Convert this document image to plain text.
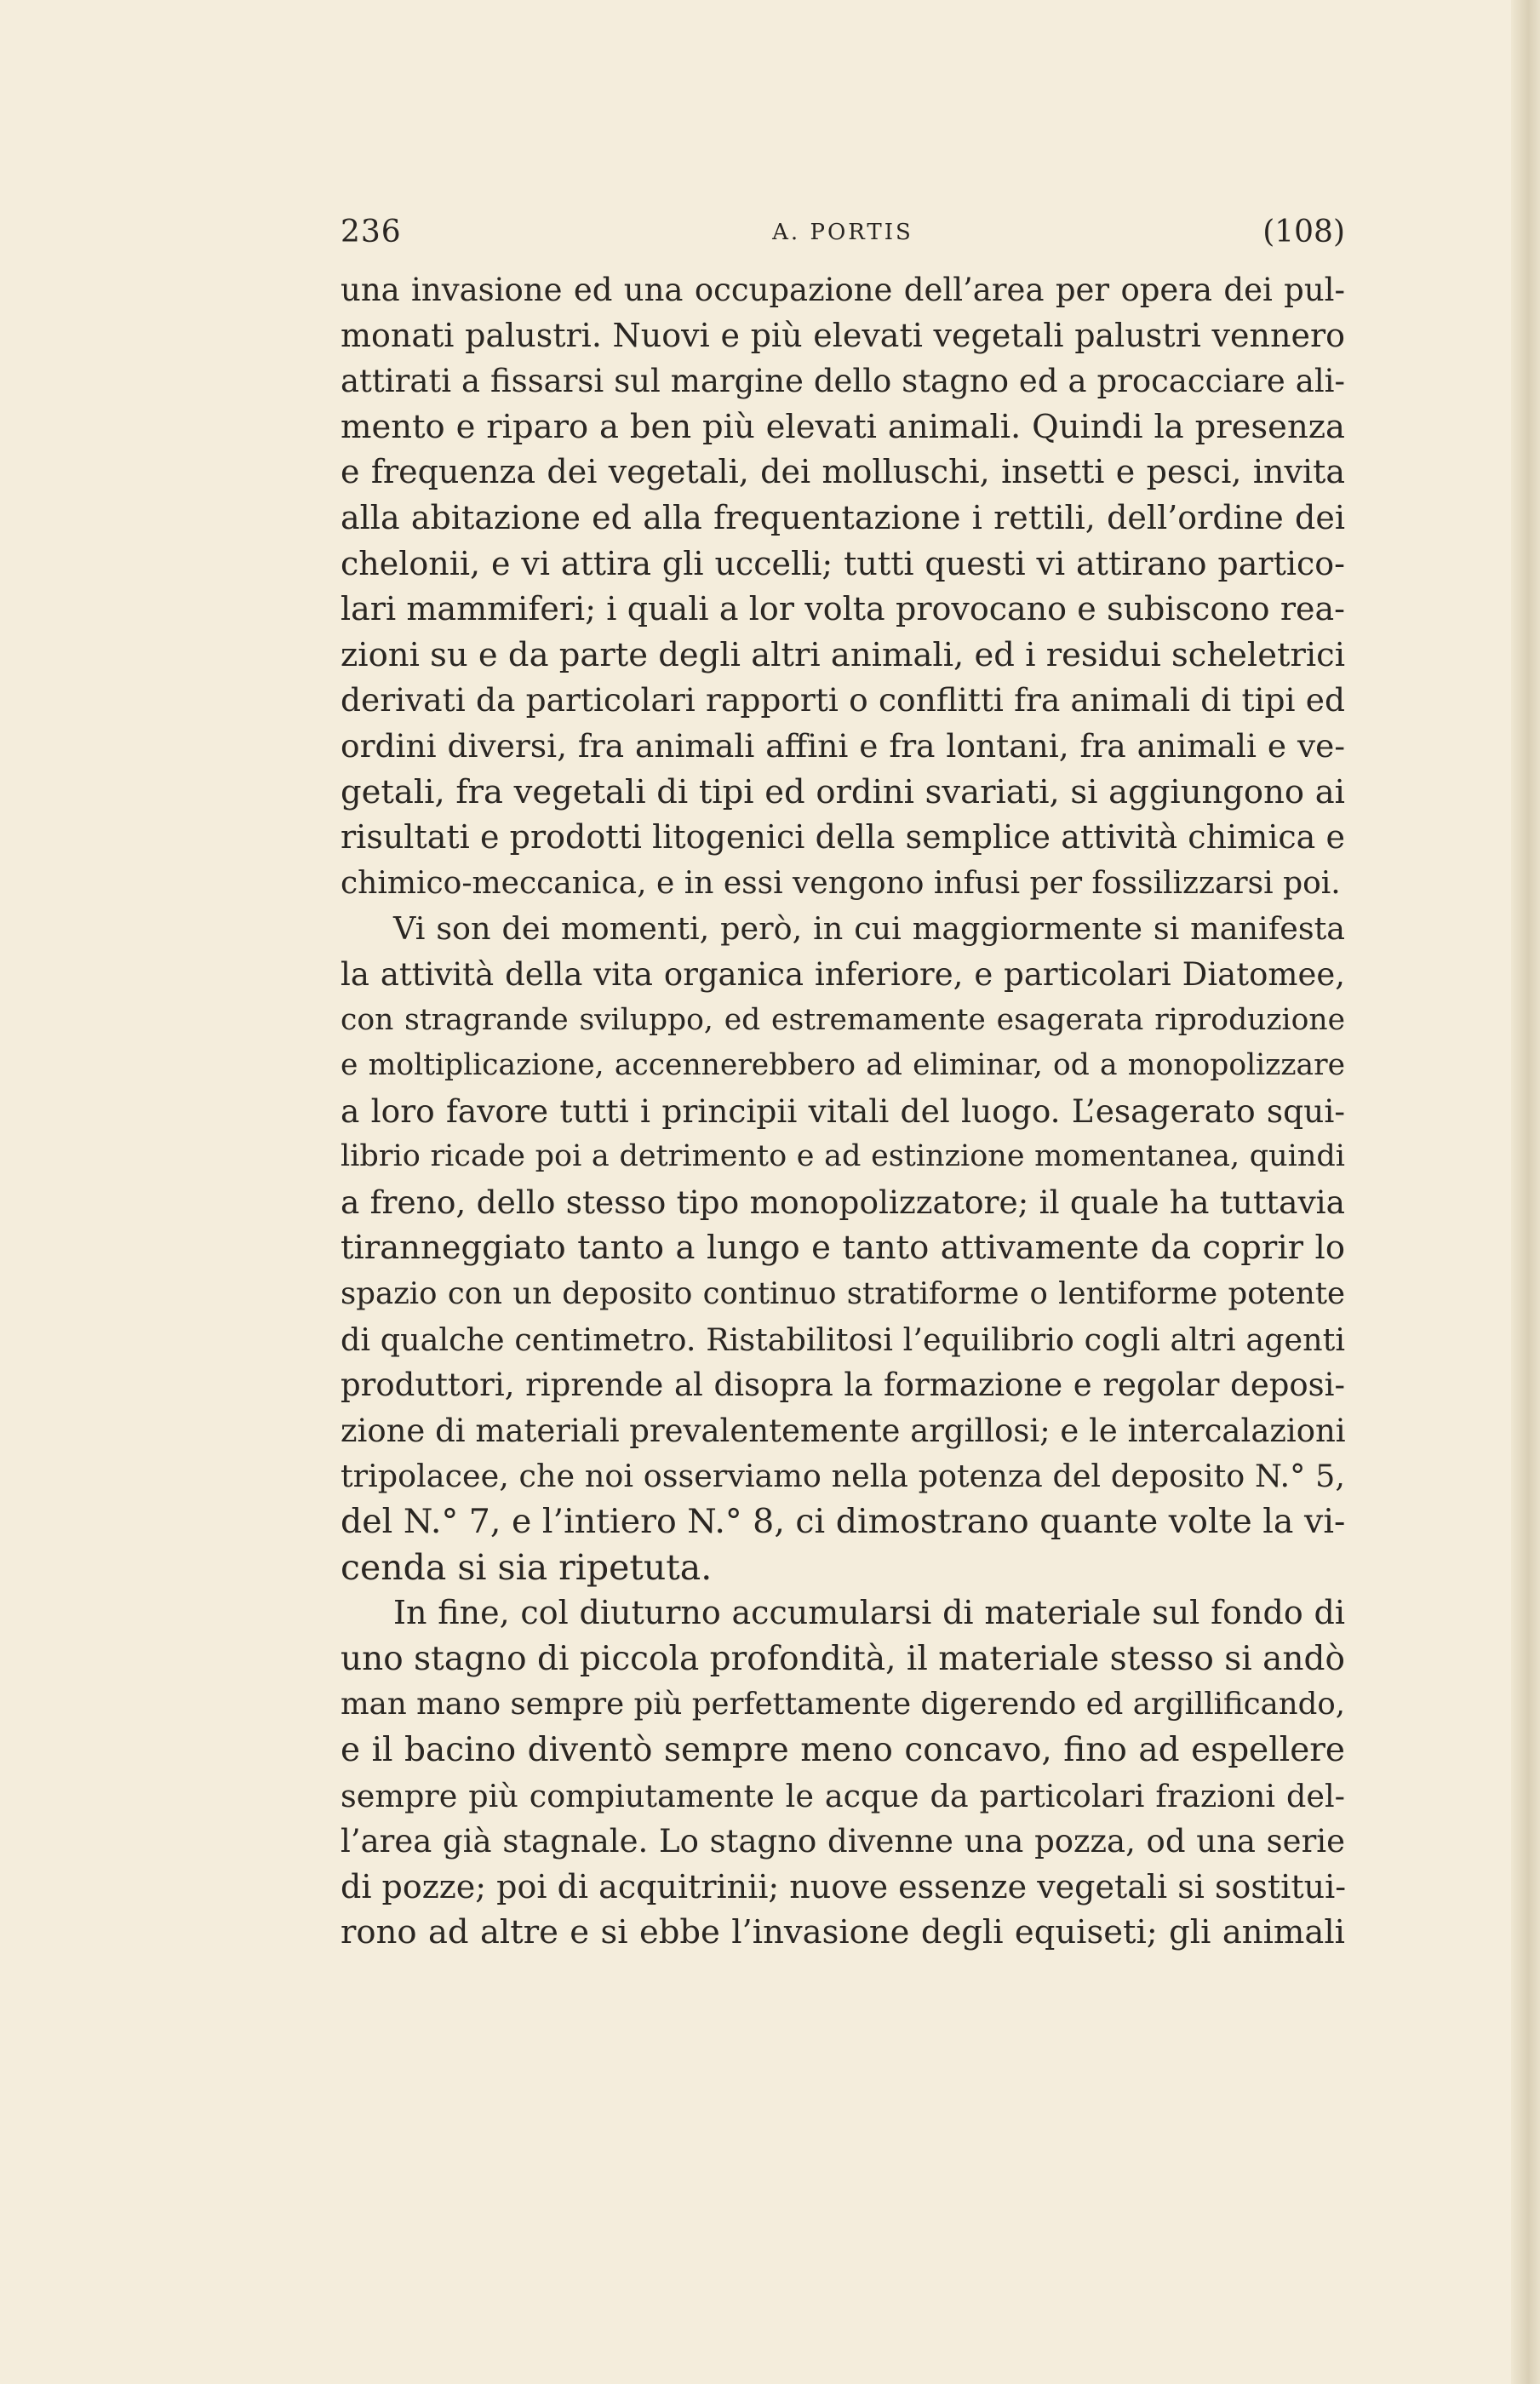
236	A. PORTIS	(108)
una invasione ed una occupazione dell’area per opera dei pul-
monati palustri. Nuovi e più elevati vegetali palustri vennero
attirati a fissarsi sul margine dello stagno ed a procacciare ali-
mento e riparo a ben più elevati animali. Quindi la presenza
e frequenza dei vegetali, dei molluschi, insetti e pesci, invita
alla abitazione ed alla frequentazione i rettili, dell’ordine dei
chelonii, e vi attira gli uccelli; tutti questi vi attirano partico-
lari mammiferi; i quali a lor volta provocano e subiscono rea-
zioni su e da parte degli altri animali, ed i residui scheletrici
derivati da particolari rapporti o conflitti fra animali di tipi ed
ordini diversi, fra animali affini e fra lontani, fra animali e ve-
getali, fra vegetali di tipi ed ordini svariati, si aggiungono ai
risultati e prodotti litogenici della semplice attività chimica e
chimico-meccanica, e in essi vengono infusi per fossilizzarsi poi.
Vi son dei momenti, però, in cui maggiormente si manifesta
la attività della vita organica inferiore, e particolari Diatomee,
con stragrande sviluppo, ed estremamente esagerata riproduzione
e moltiplicazione, accennerebbero ad eliminar, od a monopolizzare
a loro favore tutti i principii vitali del luogo. L’esagerato squi-
librio ricade poi a detrimento e ad estinzione momentanea, quindi
a freno, dello stesso tipo monopolizzatore; il quale ha tuttavia
tiranneggiato tanto a lungo e tanto attivamente da coprir lo
spazio con un deposito continuo stratiforme o lentiforme potente
di qualche centimetro. Ristabilitosi l’equilibrio cogli altri agenti
produttori, riprende al disopra la formazione e regolar deposi-
zione di materiali prevalentemente argillosi; e le intercalazioni
tripolacee, che noi osserviamo nella potenza del deposito N.° 5,
del N.° 7, e l’intiero N.° 8, ci dimostrano quante volte la vi-
cenda si sia ripetuta.
In fine, col diuturno accumularsi di materiale sul fondo di
uno stagno di piccola profondità, il materiale stesso si andò
man mano sempre più perfettamente digerendo ed argillificando,
e il bacino diventò sempre meno concavo, fino ad espellere
sempre più compiutamente le acque da particolari frazioni del-
l’area già stagnale. Lo stagno divenne una pozza, od una serie
di pozze; poi di acquitrinii; nuove essenze vegetali si sostitui-
rono ad altre e si ebbe l’invasione degli equiseti; gli animali
